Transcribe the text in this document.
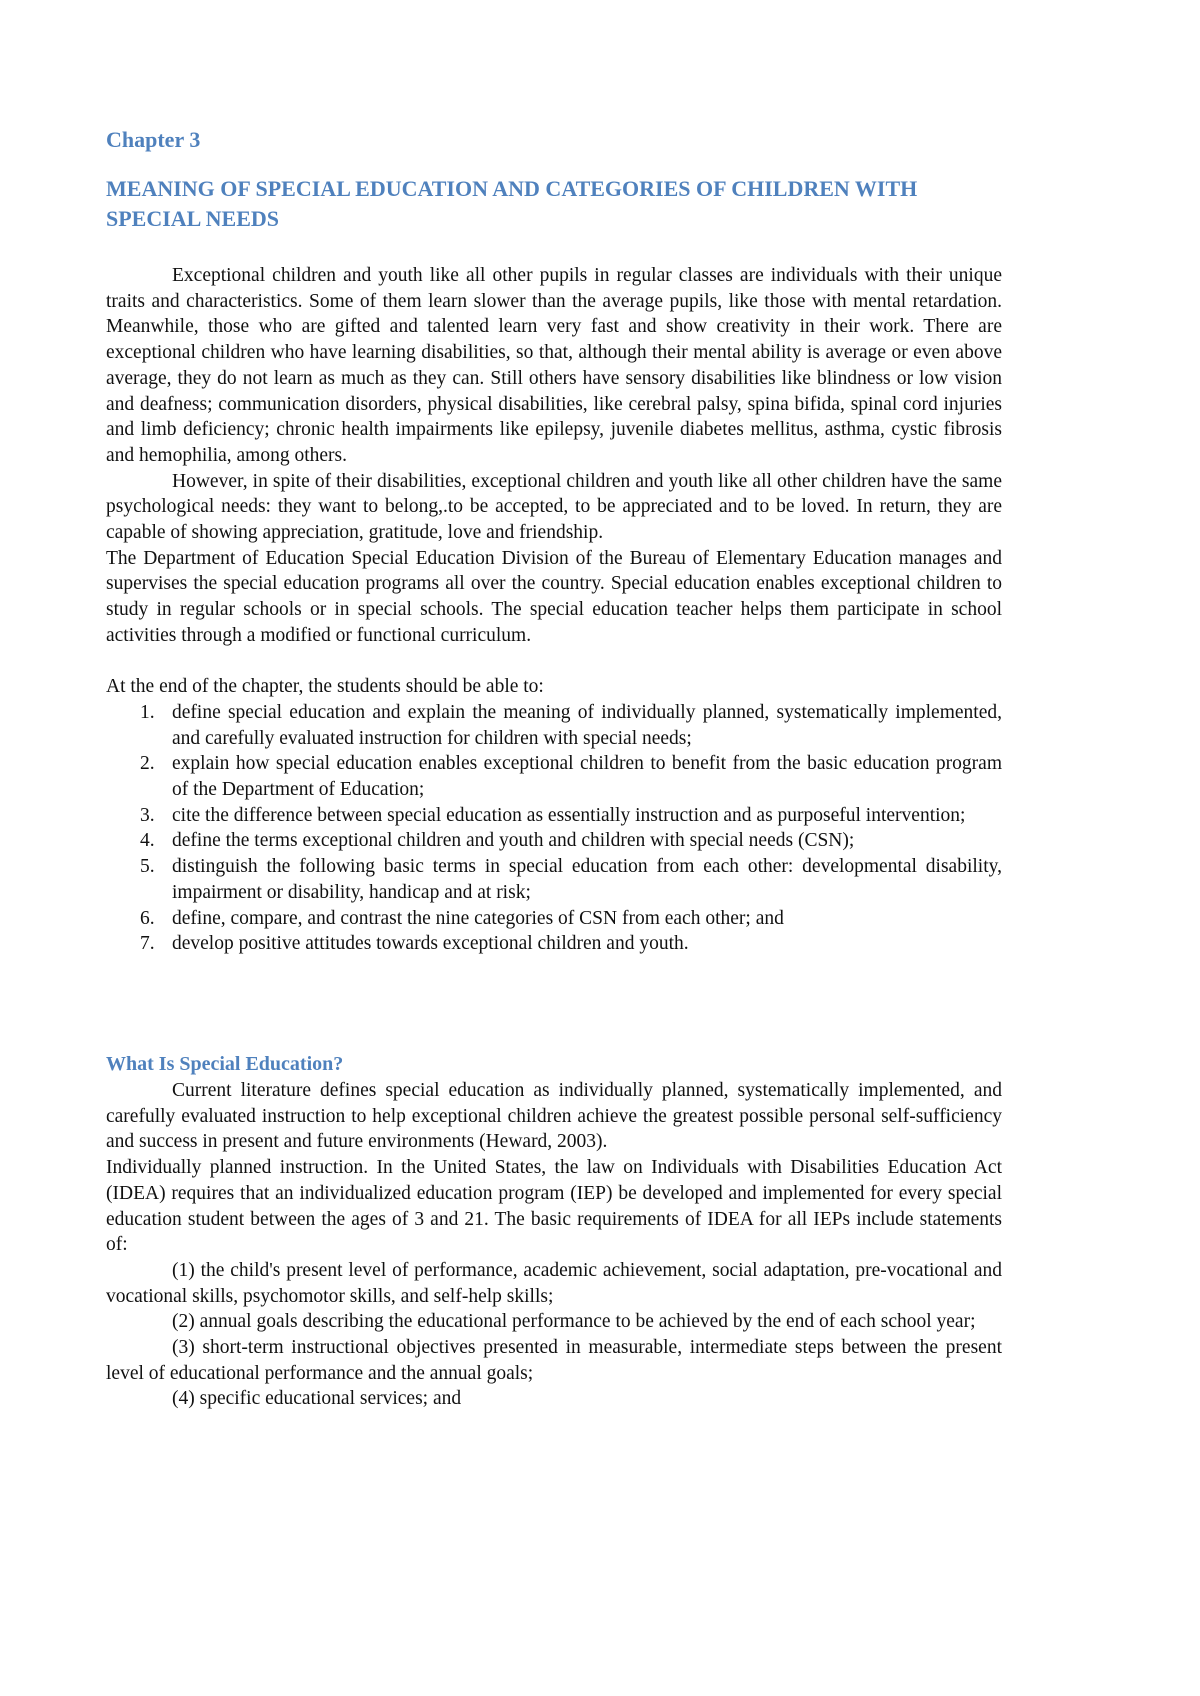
Chapter 3
MEANING OF SPECIAL EDUCATION AND CATEGORIES OF CHILDREN WITH SPECIAL NEEDS

Exceptional children and youth like all other pupils in regular classes are individuals with their unique traits and characteristics. Some of them learn slower than the average pupils, like those with mental retardation. Meanwhile, those who are gifted and talented learn very fast and show creativity in their work. There are exceptional children who have learning disabilities, so that, although their mental ability is average or even above average, they do not learn as much as they can. Still others have sensory disabilities like blindness or low vision and deafness; communication disorders, physical disabilities, like cerebral palsy, spina bifida, spinal cord injuries and limb deficiency; chronic health impairments like epilepsy, juvenile diabetes mellitus, asthma, cystic fibrosis and hemophilia, among others.

However, in spite of their disabilities, exceptional children and youth like all other children have the same psychological needs: they want to belong,.to be accepted, to be appreciated and to be loved. In return, they are capable of showing appreciation, gratitude, love and friendship.

The Department of Education Special Education Division of the Bureau of Elementary Education manages and supervises the special education programs all over the country. Special education enables exceptional children to study in regular schools or in special schools. The special education teacher helps them participate in school activities through a modified or functional curriculum.

At the end of the chapter, the students should be able to:

1. define special education and explain the meaning of individually planned, systematically implemented, and carefully evaluated instruction for children with special needs;
2. explain how special education enables exceptional children to benefit from the basic education program of the Department of Education;
3. cite the difference between special education as essentially instruction and as purposeful intervention;
4. define the terms exceptional children and youth and children with special needs (CSN);
5. distinguish the following basic terms in special education from each other: developmental disability, impairment or disability, handicap and at risk;
6. define, compare, and contrast the nine categories of CSN from each other; and
7. develop positive attitudes towards exceptional children and youth.
What Is Special Education?

Current literature defines special education as individually planned, systematically implemented, and carefully evaluated instruction to help exceptional children achieve the greatest possible personal self-sufficiency and success in present and future environments (Heward, 2003).

Individually planned instruction. In the United States, the law on Individuals with Disabilities Education Act (IDEA) requires that an individualized education program (IEP) be developed and implemented for every special education student between the ages of 3 and 21. The basic requirements of IDEA for all IEPs include statements of:

(1) the child's present level of performance, academic achievement, social adaptation, pre-vocational and vocational skills, psychomotor skills, and self-help skills;

(2) annual goals describing the educational performance to be achieved by the end of each school year;

(3) short-term instructional objectives presented in measurable, intermediate steps between the present level of educational performance and the annual goals;

(4) specific educational services; and
